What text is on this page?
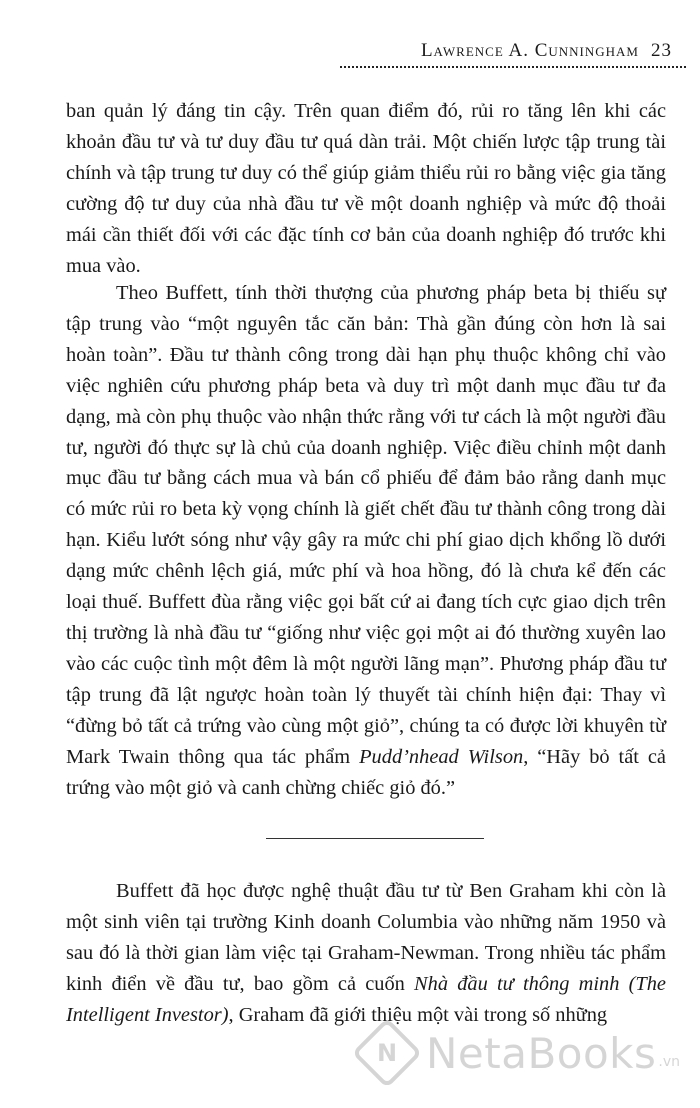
Lawrence A. Cunningham 23

ban quản lý đáng tin cậy. Trên quan điểm đó, rủi ro tăng lên khi các khoản đầu tư và tư duy đầu tư quá dàn trải. Một chiến lược tập trung tài chính và tập trung tư duy có thể giúp giảm thiểu rủi ro bằng việc gia tăng cường độ tư duy của nhà đầu tư về một doanh nghiệp và mức độ thoải mái cần thiết đối với các đặc tính cơ bản của doanh nghiệp đó trước khi mua vào.

Theo Buffett, tính thời thượng của phương pháp beta bị thiếu sự tập trung vào “một nguyên tắc căn bản: Thà gần đúng còn hơn là sai hoàn toàn”. Đầu tư thành công trong dài hạn phụ thuộc không chỉ vào việc nghiên cứu phương pháp beta và duy trì một danh mục đầu tư đa dạng, mà còn phụ thuộc vào nhận thức rằng với tư cách là một người đầu tư, người đó thực sự là chủ của doanh nghiệp. Việc điều chỉnh một danh mục đầu tư bằng cách mua và bán cổ phiếu để đảm bảo rằng danh mục có mức rủi ro beta kỳ vọng chính là giết chết đầu tư thành công trong dài hạn. Kiểu lướt sóng như vậy gây ra mức chi phí giao dịch khổng lồ dưới dạng mức chênh lệch giá, mức phí và hoa hồng, đó là chưa kể đến các loại thuế. Buffett đùa rằng việc gọi bất cứ ai đang tích cực giao dịch trên thị trường là nhà đầu tư “giống như việc gọi một ai đó thường xuyên lao vào các cuộc tình một đêm là một người lãng mạn”. Phương pháp đầu tư tập trung đã lật ngược hoàn toàn lý thuyết tài chính hiện đại: Thay vì “đừng bỏ tất cả trứng vào cùng một giỏ”, chúng ta có được lời khuyên từ Mark Twain thông qua tác phẩm Pudd’nhead Wilson, “Hãy bỏ tất cả trứng vào một giỏ và canh chừng chiếc giỏ đó.”

Buffett đã học được nghệ thuật đầu tư từ Ben Graham khi còn là một sinh viên tại trường Kinh doanh Columbia vào những năm 1950 và sau đó là thời gian làm việc tại Graham-Newman. Trong nhiều tác phẩm kinh điển về đầu tư, bao gồm cả cuốn Nhà đầu tư thông minh (The Intelligent Investor), Graham đã giới thiệu một vài trong số những

N NetaBooks .vn
